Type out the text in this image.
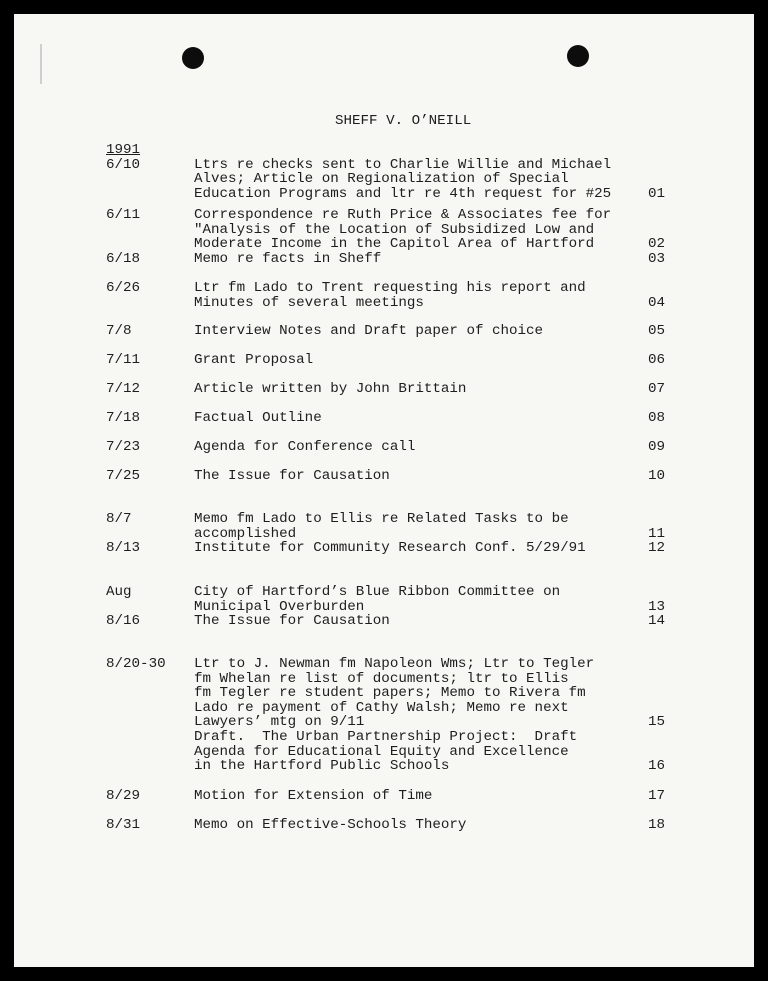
SHEFF V. O’NEILL
1991
6/10	Ltrs re checks sent to Charlie Willie and Michael
Alves; Article on Regionalization of Special
Education Programs and ltr re 4th request for #25	01
6/11	Correspondence re Ruth Price & Associates fee for
"Analysis of the Location of Subsidized Low and
Moderate Income in the Capitol Area of Hartford	02
6/18	Memo re facts in Sheff	03
6/26	Ltr fm Lado to Trent requesting his report and
Minutes of several meetings	04
7/8	Interview Notes and Draft paper of choice	05
7/11	Grant Proposal	06
7/12	Article written by John Brittain	07
7/18	Factual Outline	08
7/23	Agenda for Conference call	09
7/25	The Issue for Causation	10
8/7	Memo fm Lado to Ellis re Related Tasks to be
accomplished	11
8/13	Institute for Community Research Conf. 5/29/91	12
Aug	City of Hartford’s Blue Ribbon Committee on
Municipal Overburden	13
8/16	The Issue for Causation	14
8/20-30 Ltr to J. Newman fm Napoleon Wms; Ltr to Tegler
fm Whelan re list of documents; ltr to Ellis
fm Tegler re student papers; Memo to Rivera fm
Lado re payment of Cathy Walsh; Memo re next
Lawyers’ mtg on 9/11	15
Draft.  The Urban Partnership Project:  Draft
Agenda for Educational Equity and Excellence
in the Hartford Public Schools	16
8/29	Motion for Extension of Time	17
8/31	Memo on Effective-Schools Theory	18
